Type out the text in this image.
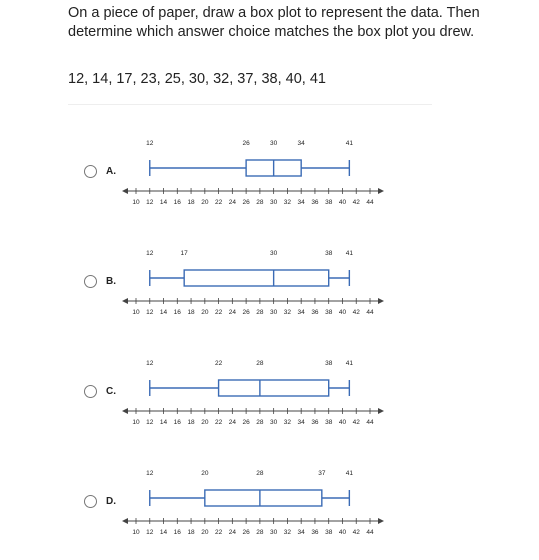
On a piece of paper, draw a box plot to represent the data. Then determine which answer choice matches the box plot you drew.
12, 14, 17, 23, 25, 30, 32, 37, 38, 40, 41
A.
12	26	30	34	41
10 12 14 16 18 20 22 24 26 28 30 32 34 36 38 40 42 44
B.
12	17	30	38 41
10 12 14 16 18 20 22 24 26 28 30 32 34 36 38 40 42 44
C.
12	22	28	38 41
10 12 14 16 18 20 22 24 26 28 30 32 34 36 38 40 42 44
D.
12	20	28	37	41
10 12 14 16 18 20 22 24 26 28 30 32 34 36 38 40 42 44
